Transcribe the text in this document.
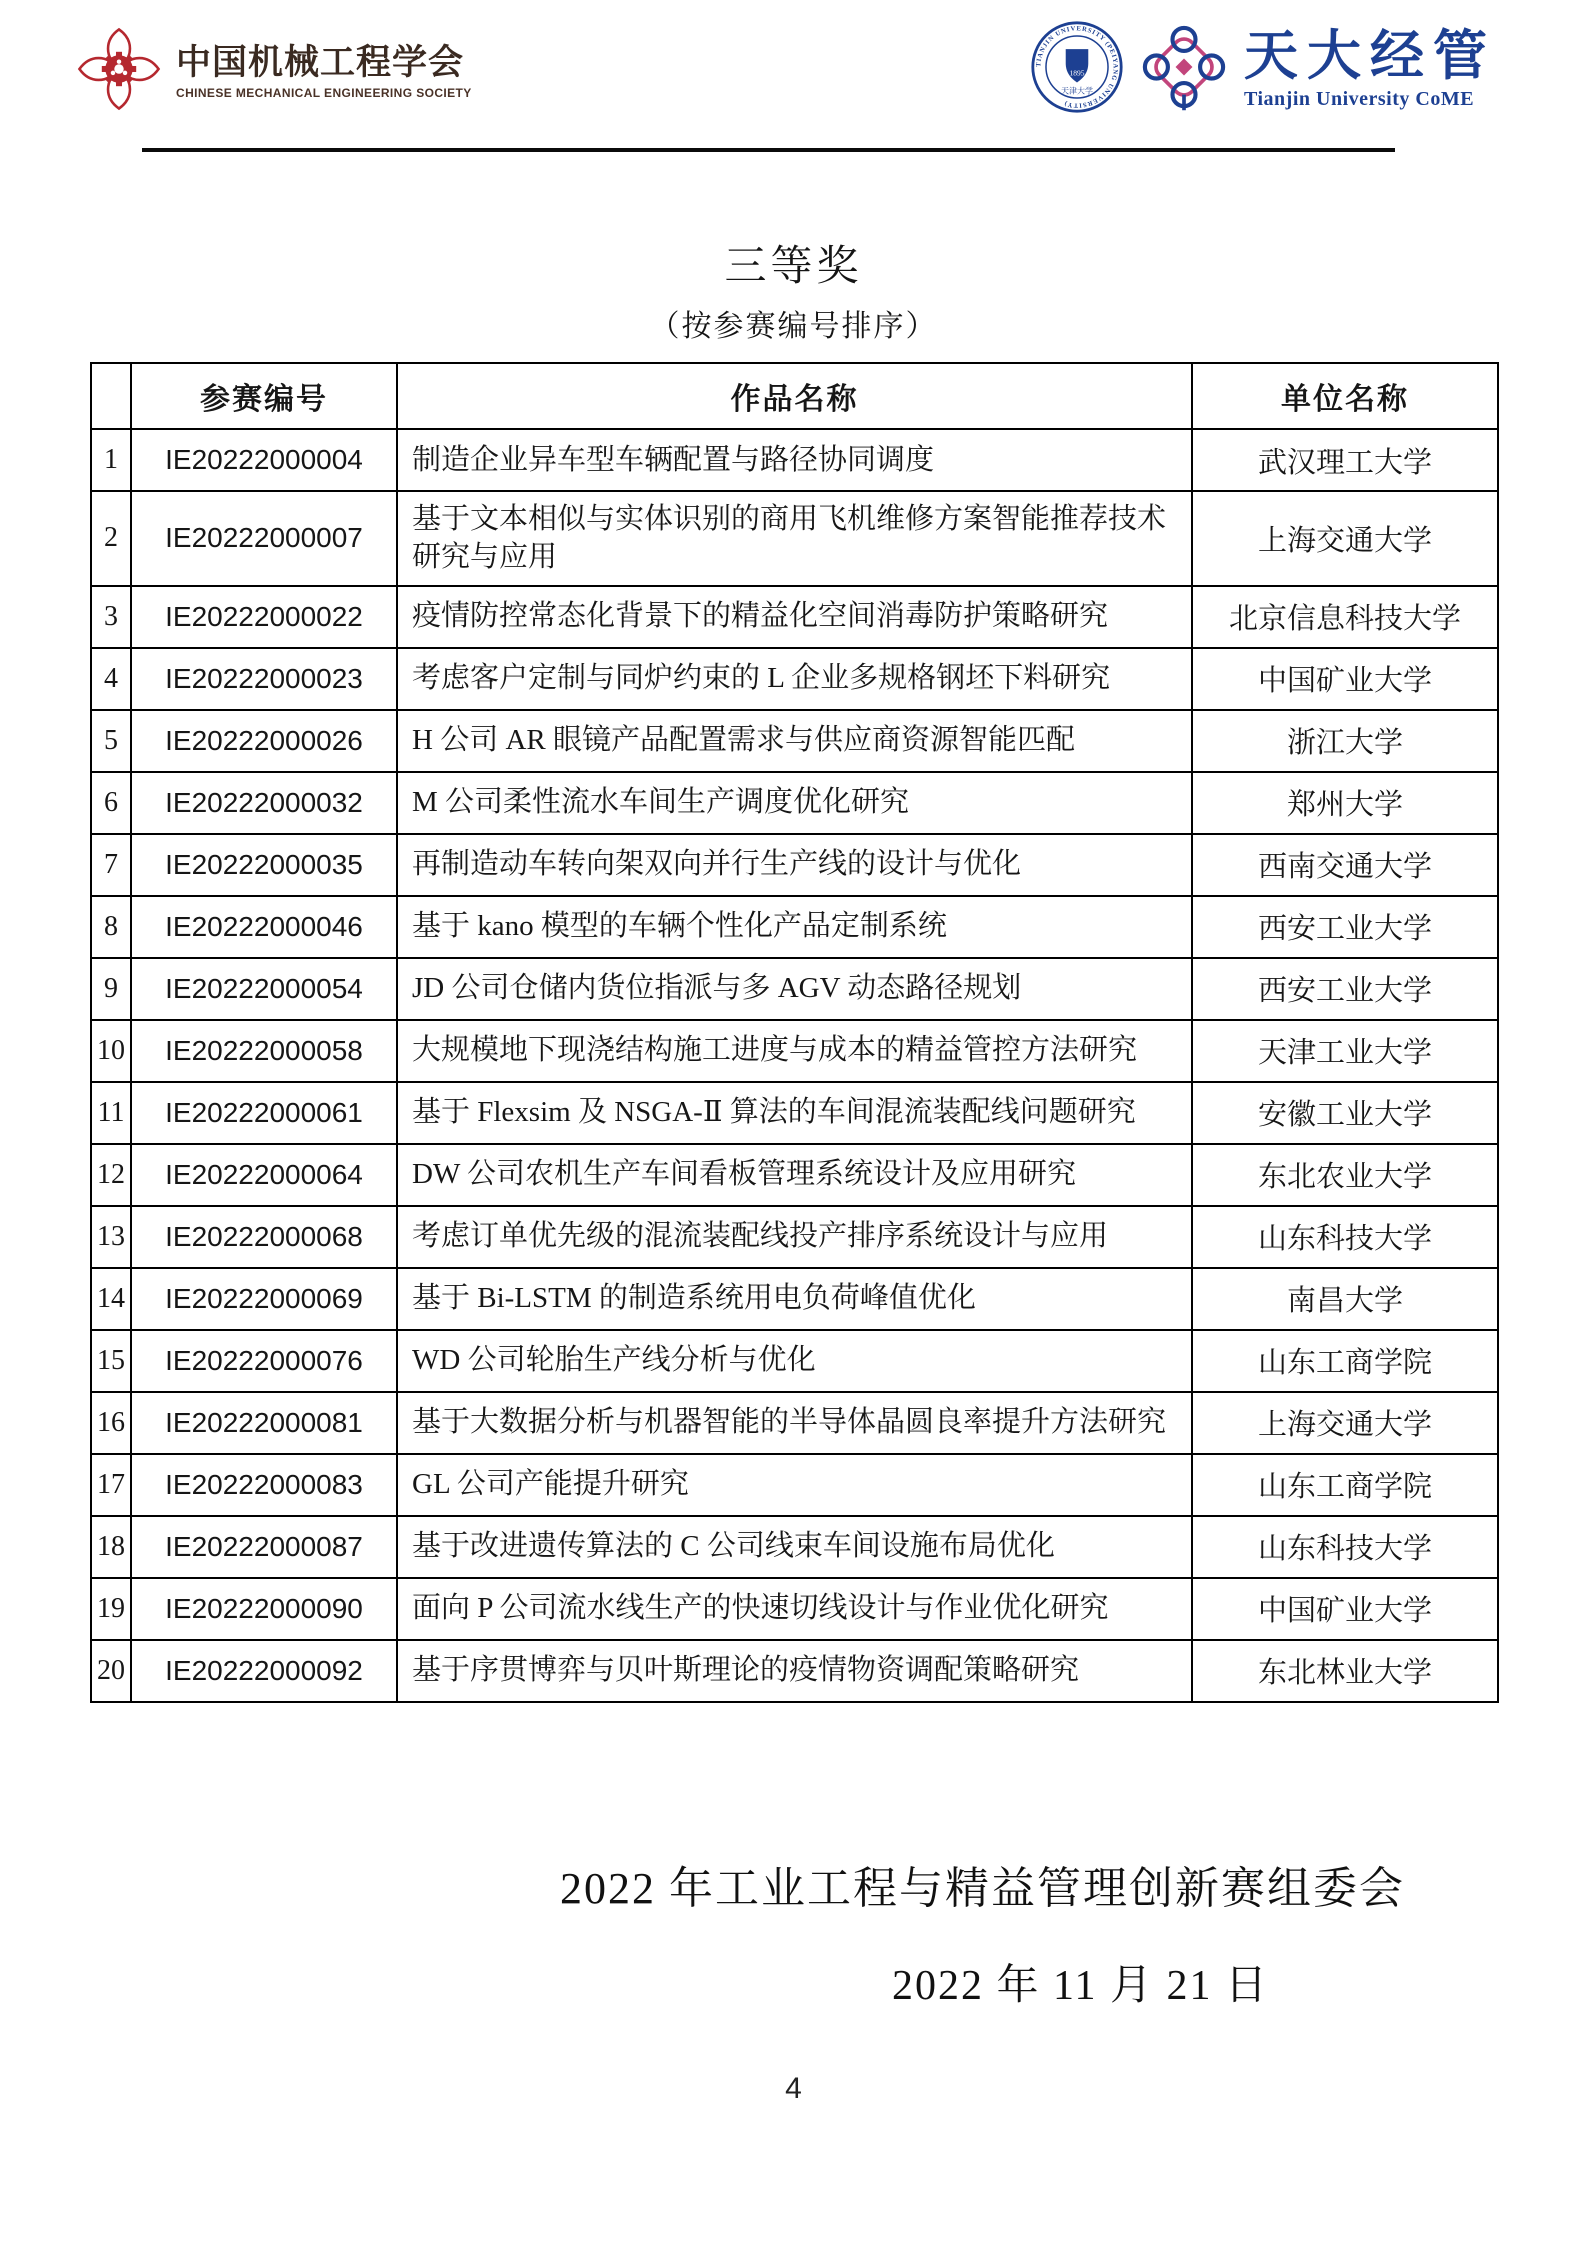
中国机械工程学会
CHINESE MECHANICAL ENGINEERING SOCIETY
TIANJIN UNIVERSITY (PEIYANG UNIVERSITY)
1895
天津大学
天大经管
Tianjin University CoME
三等奖
（按参赛编号排序）
	参赛编号	作品名称	单位名称
1	IE20222000004	制造企业异车型车辆配置与路径协同调度	武汉理工大学
2	IE20222000007	基于文本相似与实体识别的商用飞机维修方案智能推荐技术研究与应用	上海交通大学
3	IE20222000022	疫情防控常态化背景下的精益化空间消毒防护策略研究	北京信息科技大学
4	IE20222000023	考虑客户定制与同炉约束的 L 企业多规格钢坯下料研究	中国矿业大学
5	IE20222000026	H 公司 AR 眼镜产品配置需求与供应商资源智能匹配	浙江大学
6	IE20222000032	M 公司柔性流水车间生产调度优化研究	郑州大学
7	IE20222000035	再制造动车转向架双向并行生产线的设计与优化	西南交通大学
8	IE20222000046	基于 kano 模型的车辆个性化产品定制系统	西安工业大学
9	IE20222000054	JD 公司仓储内货位指派与多 AGV 动态路径规划	西安工业大学
10	IE20222000058	大规模地下现浇结构施工进度与成本的精益管控方法研究	天津工业大学
11	IE20222000061	基于 Flexsim 及 NSGA-Ⅱ 算法的车间混流装配线问题研究	安徽工业大学
12	IE20222000064	DW 公司农机生产车间看板管理系统设计及应用研究	东北农业大学
13	IE20222000068	考虑订单优先级的混流装配线投产排序系统设计与应用	山东科技大学
14	IE20222000069	基于 Bi-LSTM 的制造系统用电负荷峰值优化	南昌大学
15	IE20222000076	WD 公司轮胎生产线分析与优化	山东工商学院
16	IE20222000081	基于大数据分析与机器智能的半导体晶圆良率提升方法研究	上海交通大学
17	IE20222000083	GL 公司产能提升研究	山东工商学院
18	IE20222000087	基于改进遗传算法的 C 公司线束车间设施布局优化	山东科技大学
19	IE20222000090	面向 P 公司流水线生产的快速切线设计与作业优化研究	中国矿业大学
20	IE20222000092	基于序贯博弈与贝叶斯理论的疫情物资调配策略研究	东北林业大学
2022 年工业工程与精益管理创新赛组委会
2022 年 11 月 21 日
4
